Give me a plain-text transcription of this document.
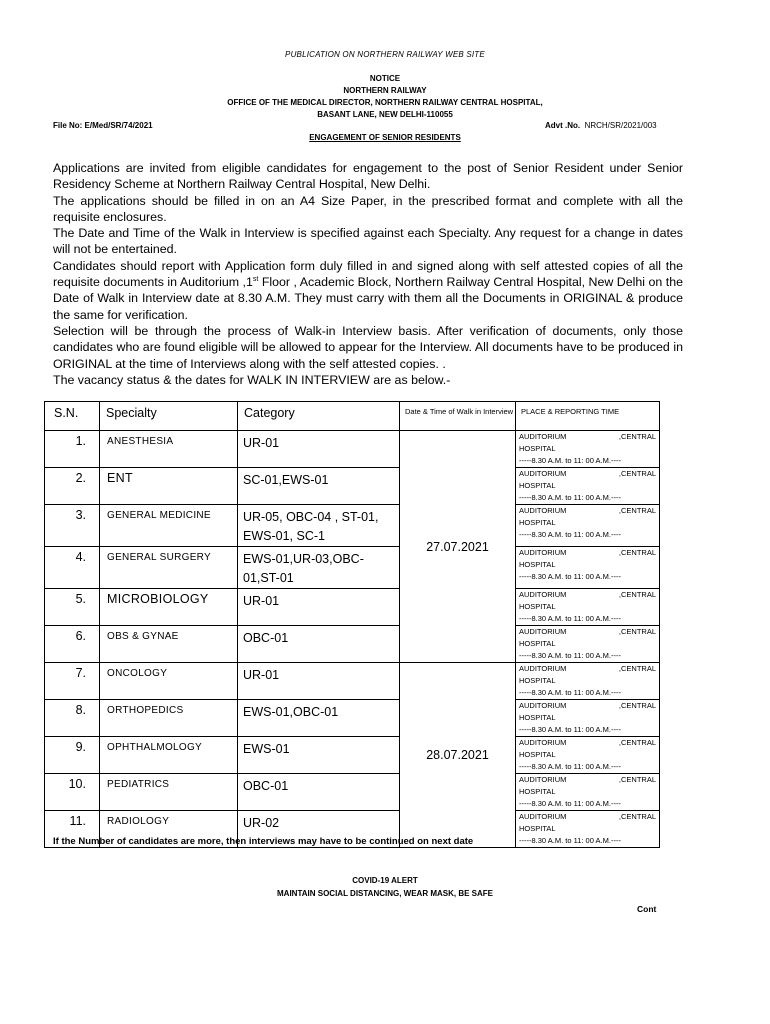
PUBLICATION ON NORTHERN RAILWAY WEB SITE
NOTICE
NORTHERN RAILWAY
OFFICE OF THE MEDICAL DIRECTOR, NORTHERN RAILWAY CENTRAL HOSPITAL,
BASANT LANE, NEW DELHI-110055
File No: E/Med/SR/74/2021	Advt .No. NRCH/SR/2021/003
ENGAGEMENT OF SENIOR RESIDENTS

Applications are invited from eligible candidates for engagement to the post of Senior Resident under Senior Residency Scheme at Northern Railway Central Hospital, New Delhi.

The applications should be filled in on an A4 Size Paper, in the prescribed format and complete with all the requisite enclosures.

The Date and Time of the Walk in Interview is specified against each Specialty. Any request for a change in dates will not be entertained.

Candidates should report with Application form duly filled in and signed along with self attested copies of all the requisite documents in Auditorium ,1st Floor , Academic Block, Northern Railway Central Hospital, New Delhi on the Date of Walk in Interview date at 8.30 A.M. They must carry with them all the Documents in ORIGINAL & produce the same for verification.

Selection will be through the process of Walk-in Interview basis. After verification of documents, only those candidates who are found eligible will be allowed to appear for the Interview. All documents have to be produced in ORIGINAL at the time of Interviews along with the self attested copies. .

The vacancy status & the dates for WALK IN INTERVIEW are as below.-

S.N.	Specialty	Category	Date & Time of Walk in Interview	PLACE & REPORTING TIME
1.	ANESTHESIA	UR-01	27.07.2021	AUDITORIUM ,CENTRAL
HOSPITAL
-----8.30 A.M. to 11: 00 A.M.----

2.	ENT	SC-01,EWS-01		AUDITORIUM ,CENTRAL
HOSPITAL
-----8.30 A.M. to 11: 00 A.M.----

3.	GENERAL MEDICINE	UR-05, OBC-04 , ST-01, EWS-01, SC-1		AUDITORIUM ,CENTRAL
HOSPITAL
-----8.30 A.M. to 11: 00 A.M.----

4.	GENERAL SURGERY	EWS-01,UR-03,OBC-01,ST-01		AUDITORIUM ,CENTRAL
HOSPITAL
-----8.30 A.M. to 11: 00 A.M.----

5.	MICROBIOLOGY	UR-01		AUDITORIUM ,CENTRAL
HOSPITAL
-----8.30 A.M. to 11: 00 A.M.----

6.	OBS & GYNAE	OBC-01		AUDITORIUM ,CENTRAL
HOSPITAL
-----8.30 A.M. to 11: 00 A.M.----

7.	ONCOLOGY	UR-01	28.07.2021	AUDITORIUM ,CENTRAL
HOSPITAL
-----8.30 A.M. to 11: 00 A.M.----

8.	ORTHOPEDICS	EWS-01,OBC-01		AUDITORIUM ,CENTRAL
HOSPITAL
-----8.30 A.M. to 11: 00 A.M.----

9.	OPHTHALMOLOGY	EWS-01		AUDITORIUM ,CENTRAL
HOSPITAL
-----8.30 A.M. to 11: 00 A.M.----

10.	PEDIATRICS	OBC-01		AUDITORIUM ,CENTRAL
HOSPITAL
-----8.30 A.M. to 11: 00 A.M.----

11.	RADIOLOGY	UR-02		AUDITORIUM ,CENTRAL
HOSPITAL
-----8.30 A.M. to 11: 00 A.M.----
If the Number of candidates are more, then interviews may have to be continued on next date
COVID-19 ALERT
MAINTAIN SOCIAL DISTANCING, WEAR MASK, BE SAFE
Cont
